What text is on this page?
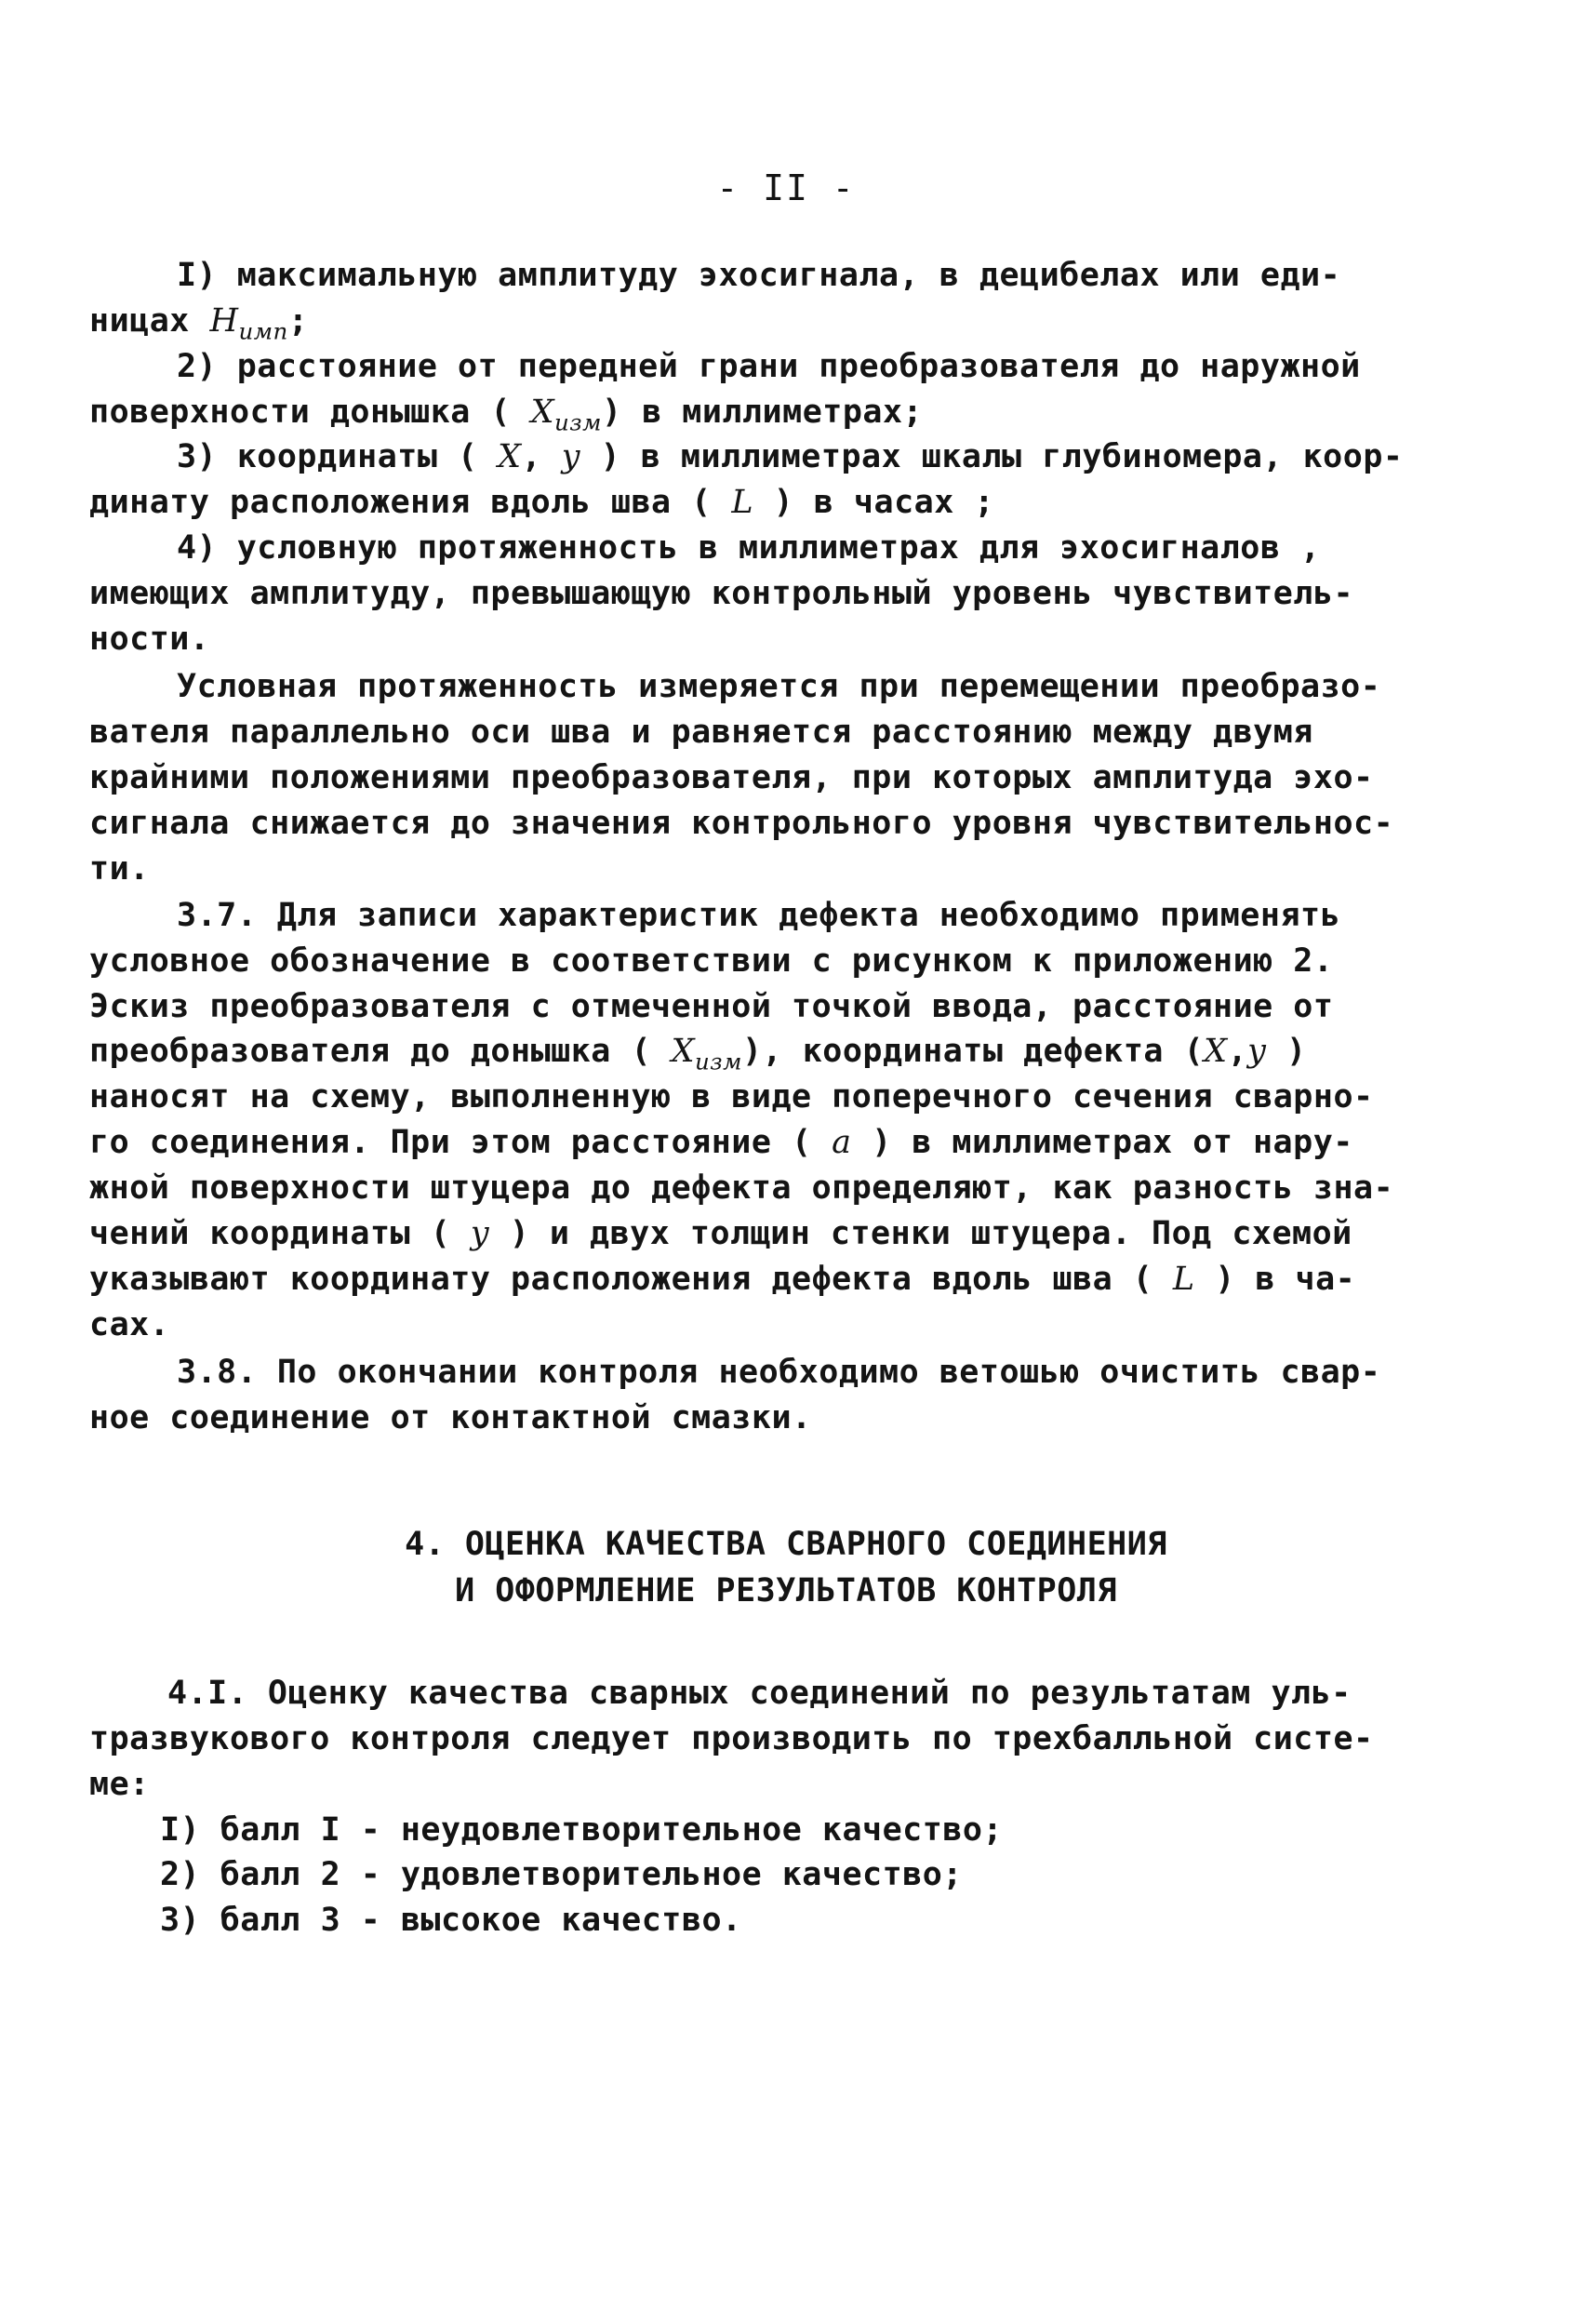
- II -
I) максимальную амплитуду эхосигнала, в децибелах или еди-
ницах $H_{имп}$;
2) расстояние от передней грани преобразователя до наружной
поверхности донышка ( $X_{изм}$) в миллиметрах;
3) координаты ( X, y ) в миллиметрах шкалы глубиномера, коор-
динату расположения вдоль шва ( L ) в часах ;
4) условную протяженность в миллиметрах для эхосигналов ,
имеющих амплитуду, превышающую контрольный уровень чувствитель-
ности.
Условная протяженность измеряется при перемещении преобразо-
вателя параллельно оси шва и равняется расстоянию между двумя
крайними положениями преобразователя, при которых амплитуда эхо-
сигнала снижается до значения контрольного уровня чувствительнос-
ти.
3.7. Для записи характеристик дефекта необходимо применять
условное обозначение в соответствии с рисунком к приложению 2.
Эскиз преобразователя с отмеченной точкой ввода, расстояние от
преобразователя до донышка ( $X_{изм}$), координаты дефекта (X,y )
наносят на схему, выполненную в виде поперечного сечения сварно-
го соединения. При этом расстояние ( a ) в миллиметрах от нару-
жной поверхности штуцера до дефекта определяют, как разность зна-
чений координаты ( y ) и двух толщин стенки штуцера. Под схемой
указывают координату расположения дефекта вдоль шва ( L ) в ча-
сах.
3.8. По окончании контроля необходимо ветошью очистить свар-
ное соединение от контактной смазки.
4. ОЦЕНКА КАЧЕСТВА СВАРНОГО СОЕДИНЕНИЯ
И ОФОРМЛЕНИЕ РЕЗУЛЬТАТОВ КОНТРОЛЯ
4.I. Оценку качества сварных соединений по результатам уль-
тразвукового контроля следует производить по трехбалльной систе-
ме:
I) балл I - неудовлетворительное качество;
2) балл 2 - удовлетворительное качество;
3) балл 3 - высокое качество.
